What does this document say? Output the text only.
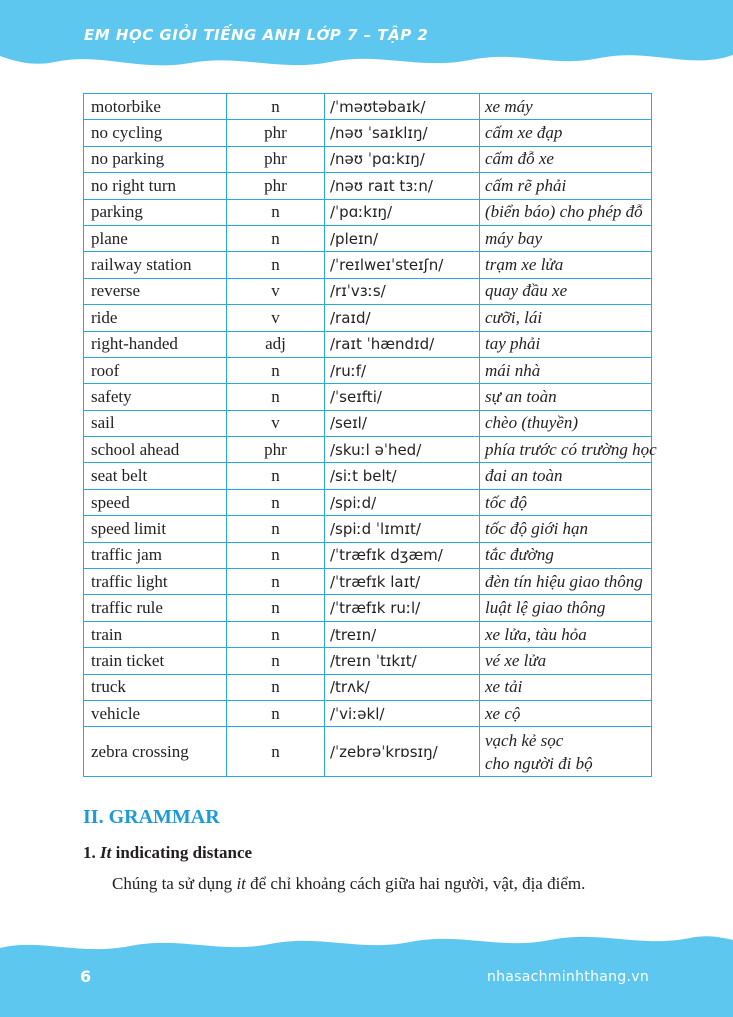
EM HỌC GIỎI TIẾNG ANH LỚP 7 – TẬP 2
motorbike	n	/ˈməʊtəbaɪk/	xe máy

no cycling	phr	/nəʊ ˈsaɪklɪŋ/	cấm xe đạp

no parking	phr	/nəʊ ˈpɑːkɪŋ/	cấm đỗ xe

no right turn	phr	/nəʊ raɪt tɜːn/	cấm rẽ phải

parking	n	/ˈpɑːkɪŋ/	(biển báo) cho phép đỗ

plane	n	/pleɪn/	máy bay

railway station	n	/ˈreɪlweɪˈsteɪʃn/	trạm xe lửa

reverse	v	/rɪˈvɜːs/	quay đầu xe

ride	v	/raɪd/	cưỡi, lái

right-handed	adj	/raɪt ˈhændɪd/	tay phải

roof	n	/ruːf/	mái nhà

safety	n	/ˈseɪfti/	sự an toàn

sail	v	/seɪl/	chèo (thuyền)

school ahead	phr	/skuːl əˈhed/	phía trước có trường học

seat belt	n	/siːt belt/	đai an toàn

speed	n	/spiːd/	tốc độ

speed limit	n	/spiːd ˈlɪmɪt/	tốc độ giới hạn

traffic jam	n	/ˈtræfɪk dʒæm/	tắc đường

traffic light	n	/ˈtræfɪk laɪt/	đèn tín hiệu giao thông

traffic rule	n	/ˈtræfɪk ruːl/	luật lệ giao thông

train	n	/treɪn/	xe lửa, tàu hỏa

train ticket	n	/treɪn ˈtɪkɪt/	vé xe lửa

truck	n	/trʌk/	xe tải

vehicle	n	/ˈviːəkl/	xe cộ

zebra crossing	n	/ˈzebrəˈkrɒsɪŋ/	vạch kẻ sọc
cho người đi bộ
II. GRAMMAR

1. It indicating distance

Chúng ta sử dụng it để chỉ khoảng cách giữa hai người, vật, địa điểm.

6	nhasachminhthang.vn
